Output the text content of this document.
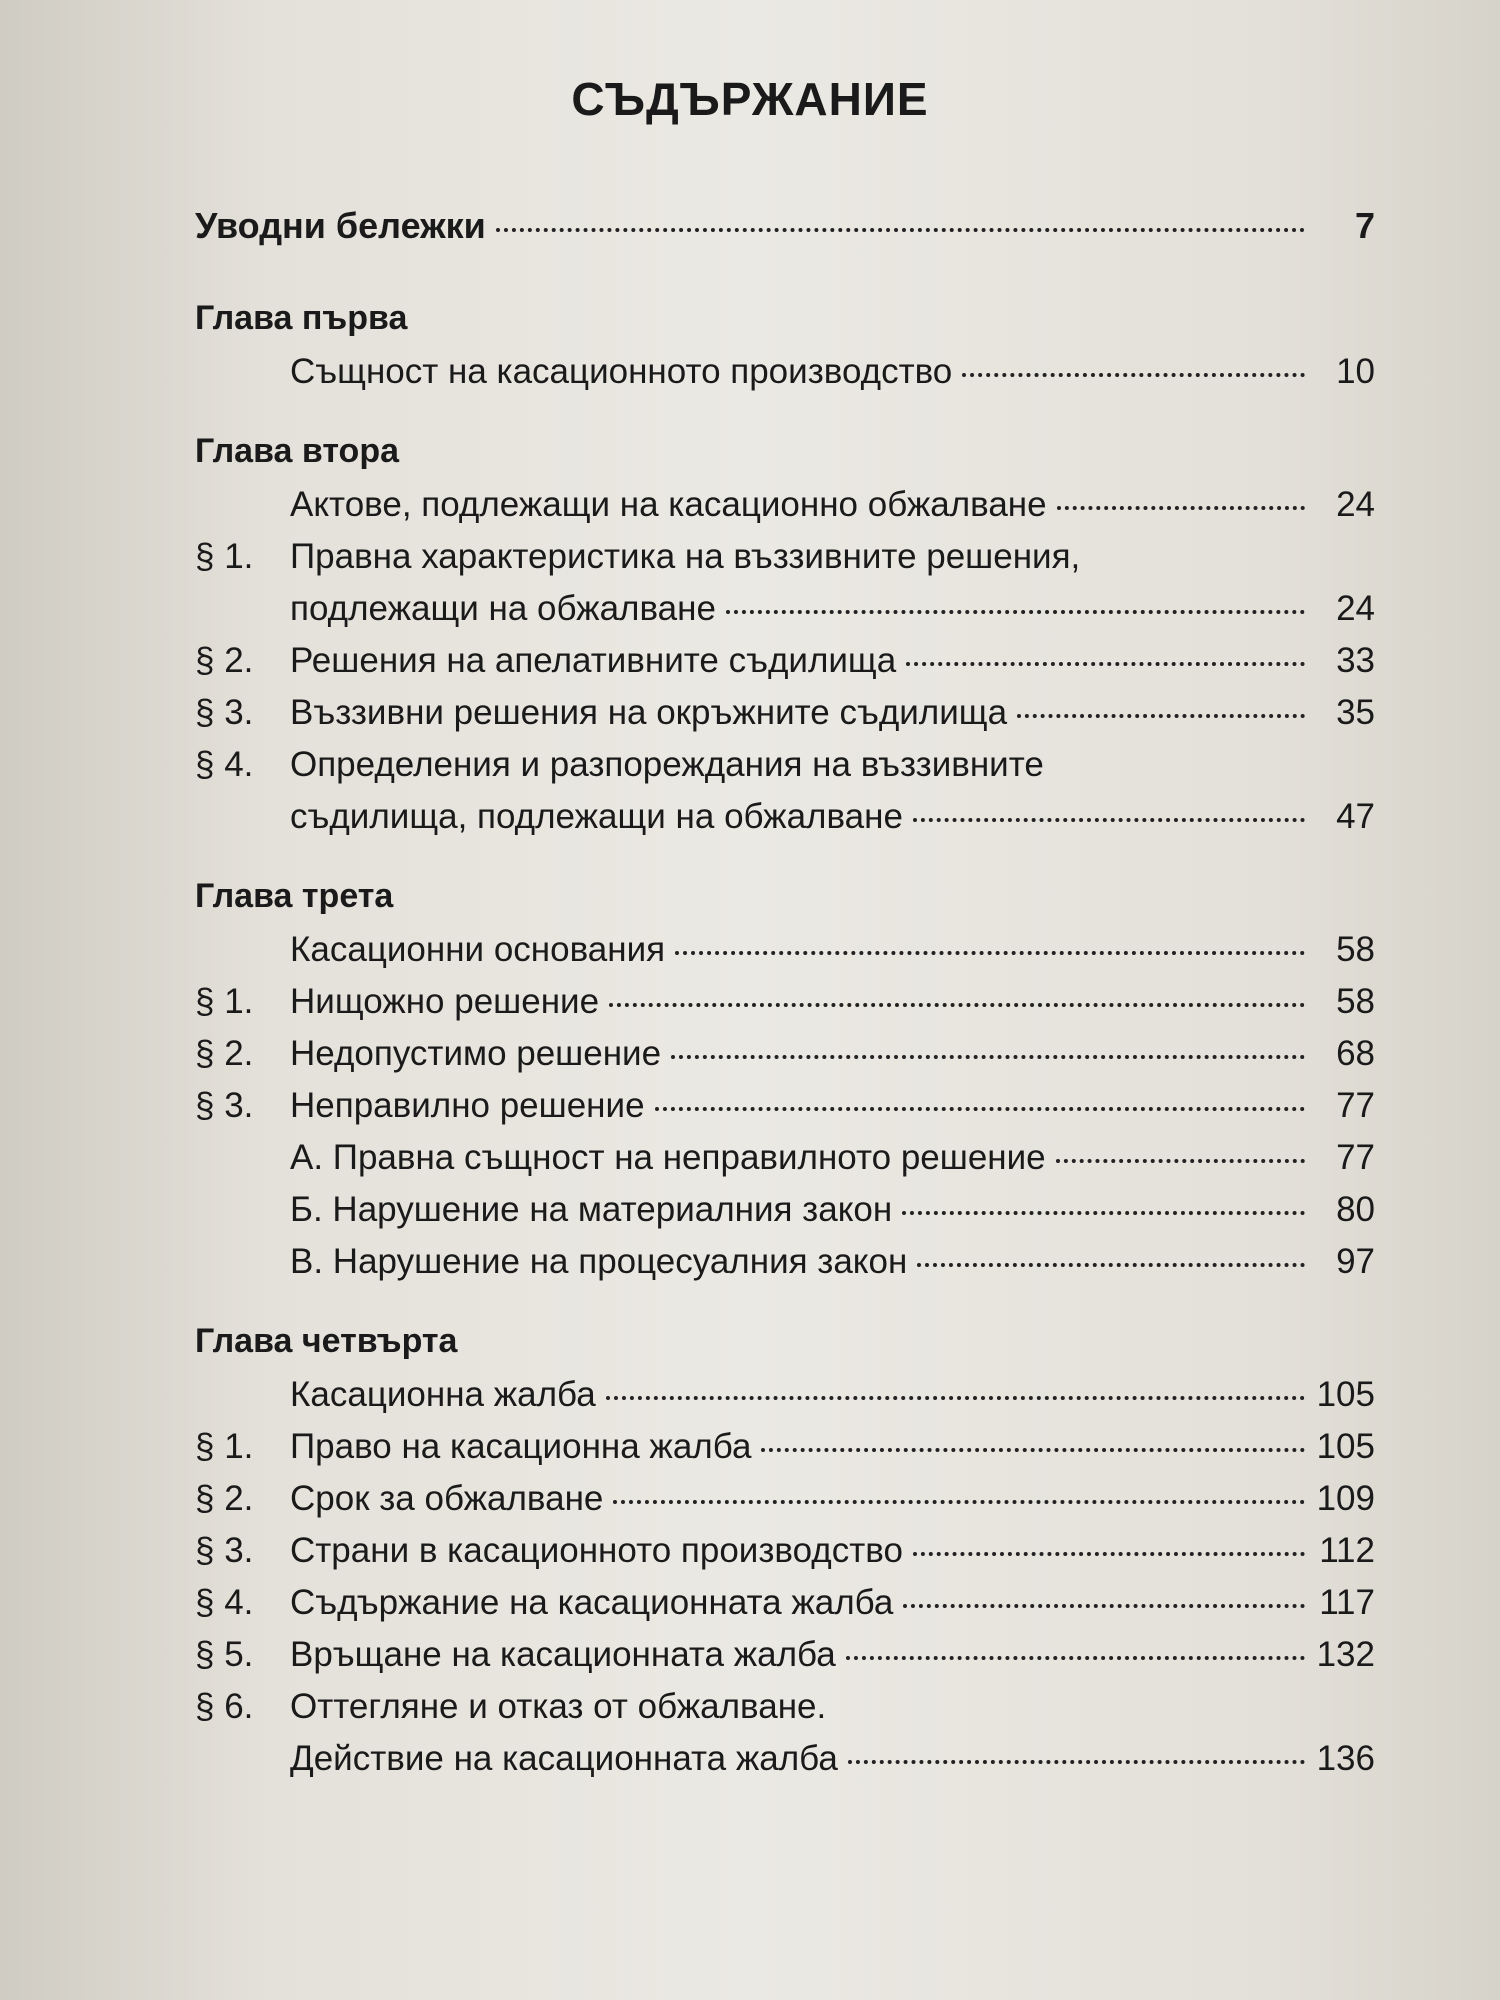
СЪДЪРЖАНИЕ
Уводни бележки	7
Глава първа
Същност на касационното производство	10
Глава втора
Актове, подлежащи на касационно обжалване	24
§ 1.	Правна характеристика на въззивните решения,
подлежащи на обжалване	24
§ 2.	Решения на апелативните съдилища	33
§ 3.	Въззивни решения на окръжните съдилища	35
§ 4.	Определения и разпореждания на въззивните
съдилища, подлежащи на обжалване	47
Глава трета
Касационни основания	58
§ 1.	Нищожно решение	58
§ 2.	Недопустимо решение	68
§ 3.	Неправилно решение	77
А. Правна същност на неправилното решение	77
Б. Нарушение на материалния закон	80
В. Нарушение на процесуалния закон	97
Глава четвърта
Касационна жалба	105
§ 1.	Право на касационна жалба	105
§ 2.	Срок за обжалване	109
§ 3.	Страни в касационното производство	112
§ 4.	Съдържание на касационната жалба	117
§ 5.	Връщане на касационната жалба	132
§ 6.	Оттегляне и отказ от обжалване.
Действие на касационната жалба	136
